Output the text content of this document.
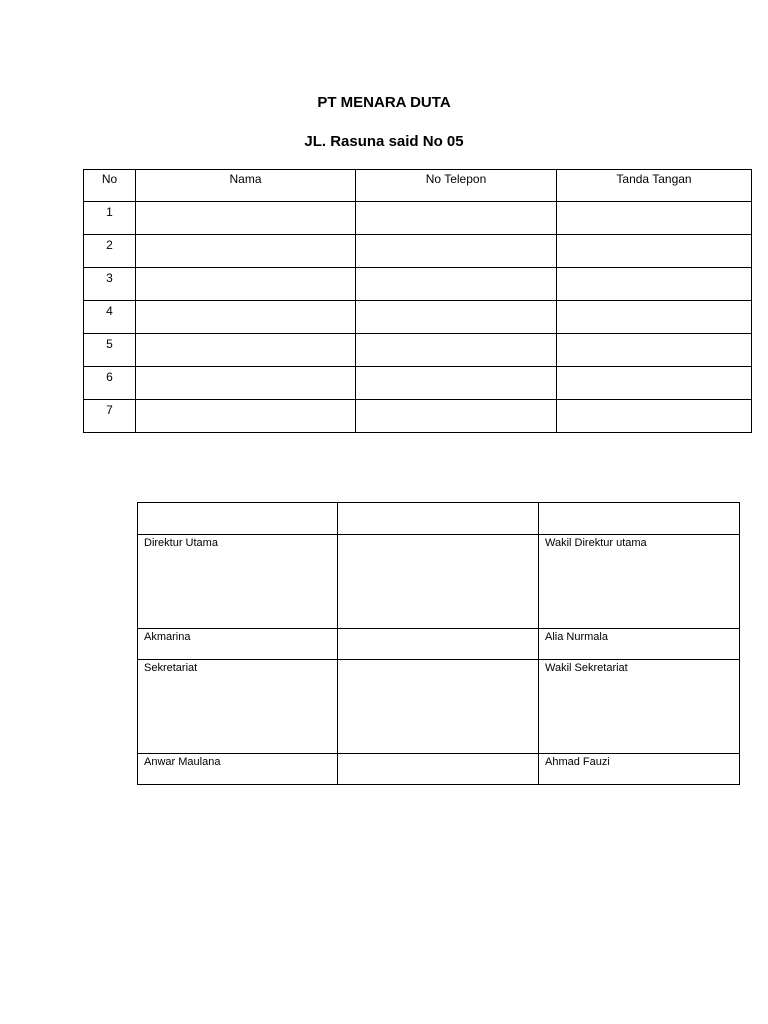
PT MENARA DUTA
JL. Rasuna said No 05
No	Nama	No Telepon	Tanda Tangan
1			
2			
3			
4			
5			
6			
7			

Direktur Utama		Wakil Direktur utama
Akmarina		Alia Nurmala
Sekretariat		Wakil Sekretariat
Anwar Maulana		Ahmad Fauzi
